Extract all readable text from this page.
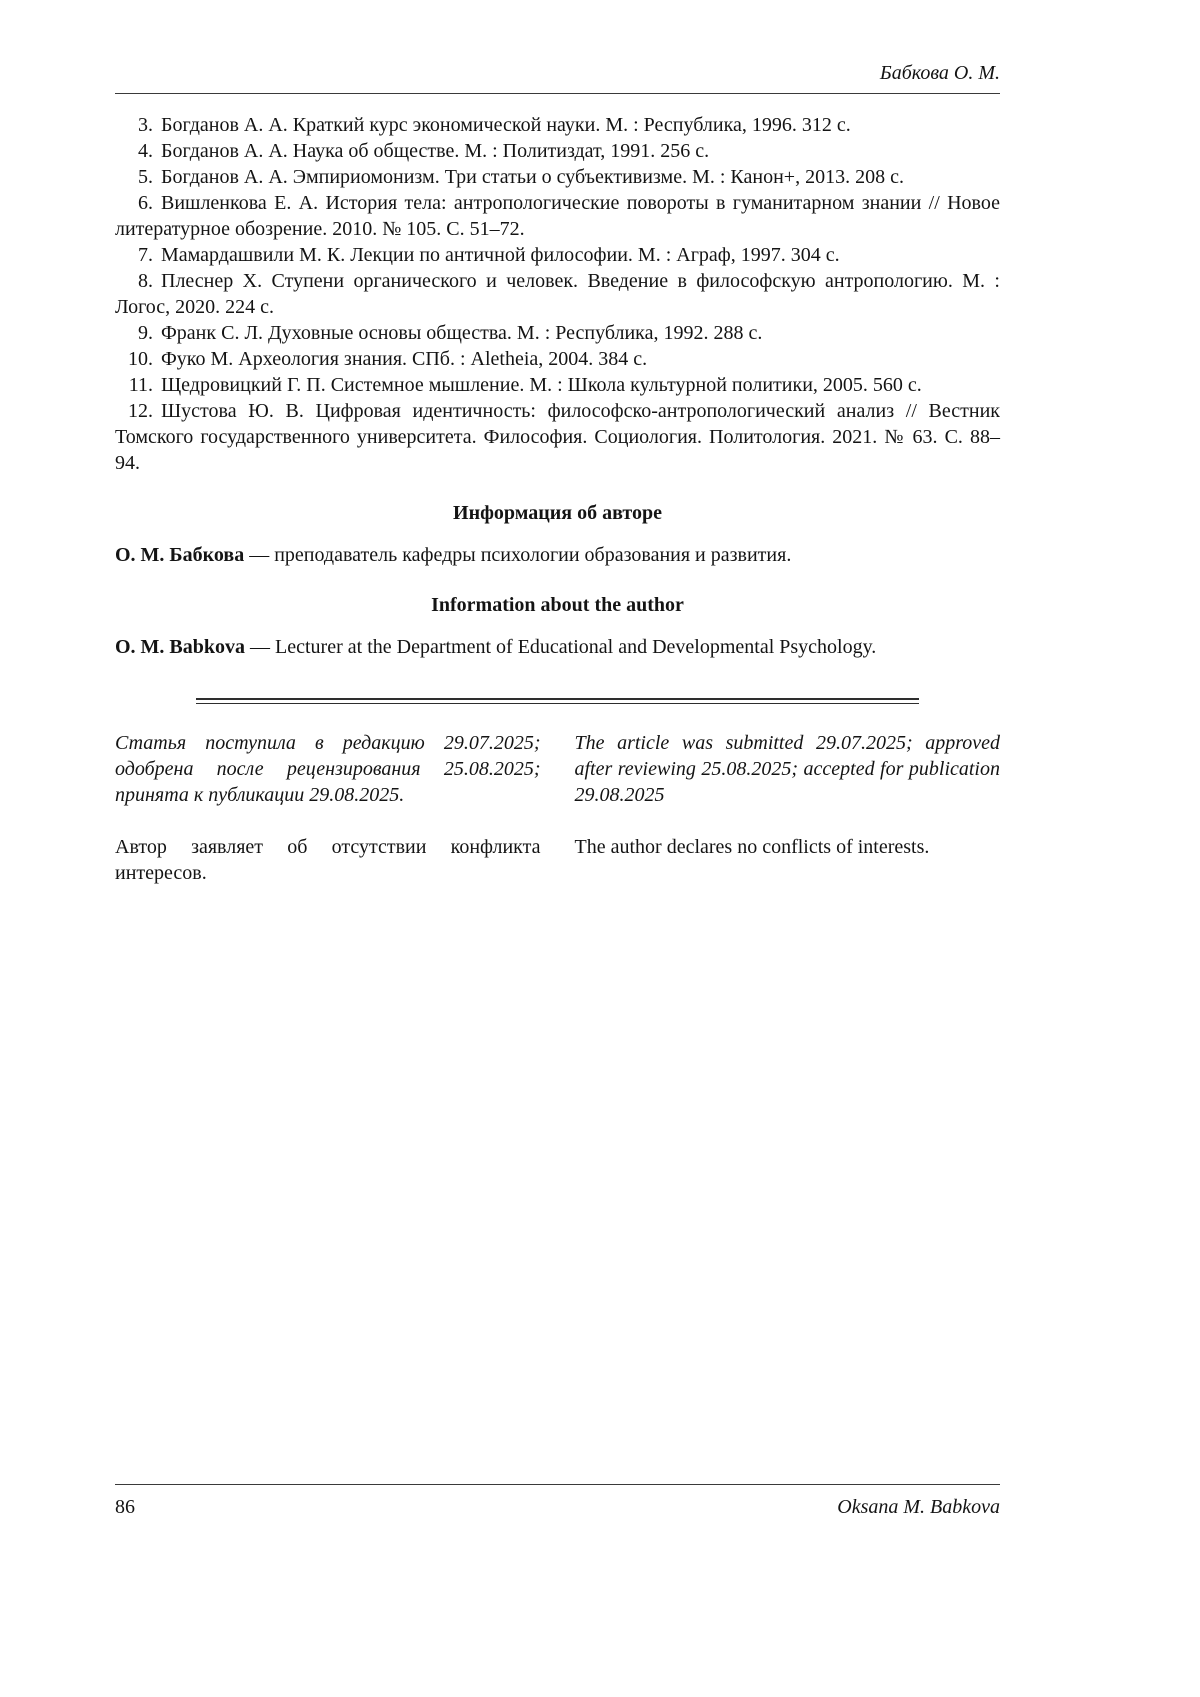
Бабкова О. М.

3. Богданов А. А. Краткий курс экономической науки. М. : Республика, 1996. 312 с.

4. Богданов А. А. Наука об обществе. М. : Политиздат, 1991. 256 с.

5. Богданов А. А. Эмпириомонизм. Три статьи о субъективизме. М. : Канон+, 2013. 208 с.

6. Вишленкова Е. А. История тела: антропологические повороты в гуманитарном знании // Новое литературное обозрение. 2010. № 105. С. 51–72.

7. Мамардашвили М. К. Лекции по античной философии. М. : Аграф, 1997. 304 с.

8. Плеснер Х. Ступени органического и человек. Введение в философскую антропологию. М. : Логос, 2020. 224 с.

9. Франк С. Л. Духовные основы общества. М. : Республика, 1992. 288 с.

10. Фуко М. Археология знания. СПб. : Aletheia, 2004. 384 с.

11. Щедровицкий Г. П. Системное мышление. М. : Школа культурной политики, 2005. 560 с.

12. Шустова Ю. В. Цифровая идентичность: философско-антропологический анализ // Вестник Томского государственного университета. Философия. Социология. Политология. 2021. № 63. С. 88–94.

Информация об авторе

О. М. Бабкова — преподаватель кафедры психологии образования и развития.

Information about the author

O. M. Babkova — Lecturer at the Department of Educational and Developmental Psychology.

Статья поступила в редакцию 29.07.2025; одобрена после рецензирования 25.08.2025; принята к публикации 29.08.2025.

The article was submitted 29.07.2025; approved after reviewing 25.08.2025; accepted for publication 29.08.2025

Автор заявляет об отсутствии конфликта интересов.

The author declares no conflicts of interests.

86	Oksana M. Babkova
